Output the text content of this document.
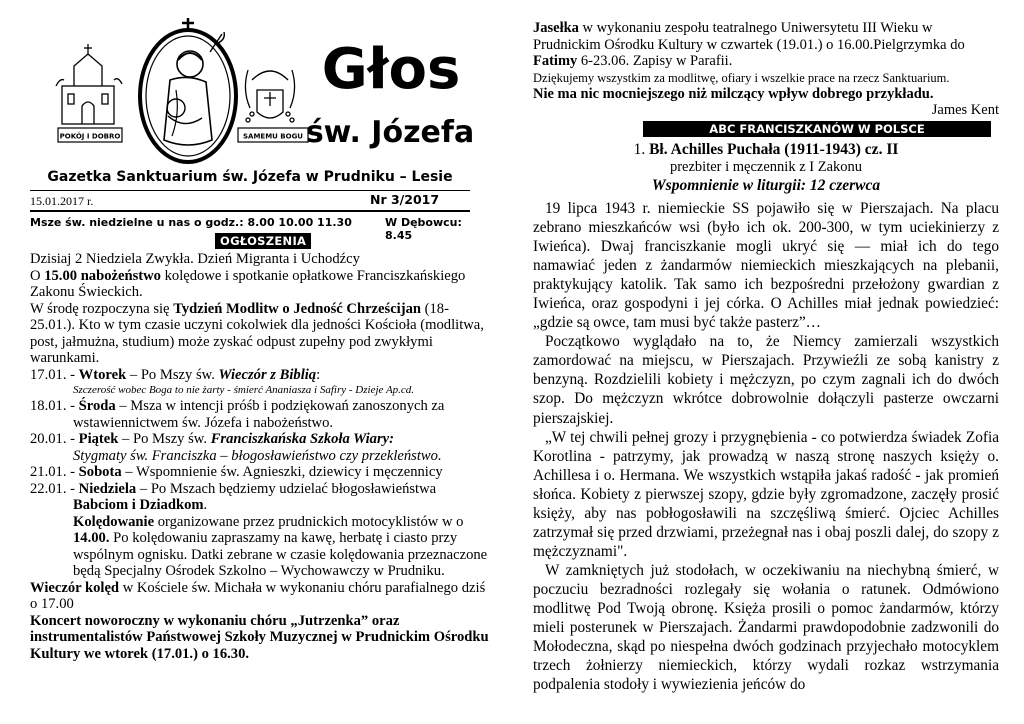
POKÓJ I DOBRO	SAMEMU BOGU
Głos
św. Józefa
Gazetka Sanktuarium św. Józefa w Prudniku – Lesie
15.01.2017 r.	Nr 3/2017
Msze św. niedzielne u nas o godz.: 8.00 10.00 11.30	W Dębowcu: 8.45
OGŁOSZENIA

Dzisiaj 2 Niedziela Zwykła. Dzień Migranta i Uchodźcy

O 15.00 nabożeństwo kolędowe i spotkanie opłatkowe Franciszkańskiego Zakonu Świeckich.

W środę rozpoczyna się Tydzień Modlitw o Jedność Chrześcijan (18-25.01.). Kto w tym czasie uczyni cokolwiek dla jedności Kościoła (modlitwa, post, jałmużna, studium) może zyskać odpust zupełny pod zwykłymi warunkami.

17.01. - Wtorek – Po Mszy św. Wieczór z Biblią:

Szczerość wobec Boga to nie żarty - śmierć Ananiasza i Safiry - Dzieje Ap.cd.

18.01. - Środa – Msza w intencji próśb i podziękowań zanoszonych za wstawiennictwem św. Józefa i nabożeństwo.

20.01. - Piątek – Po Mszy św. Franciszkańska Szkoła Wiary:

Stygmaty św. Franciszka – błogosławieństwo czy przekleństwo.

21.01. - Sobota – Wspomnienie św. Agnieszki, dziewicy i męczennicy

22.01. - Niedziela – Po Mszach będziemy udzielać błogosławieństwa Babciom i Dziadkom.

Kolędowanie organizowane przez prudnickich motocyklistów w o 14.00. Po kolędowaniu zapraszamy na kawę, herbatę i ciasto przy wspólnym ognisku. Datki zebrane w czasie kolędowania przeznaczone będą Specjalny Ośrodek Szkolno – Wychowawczy w Prudniku.

Wieczór kolęd w Kościele św. Michała w wykonaniu chóru parafialnego dziś o 17.00

Koncert noworoczny w wykonaniu chóru „Jutrzenka” oraz instrumentalistów Państwowej Szkoły Muzycznej w Prudnickim Ośrodku Kultury we wtorek (17.01.) o 16.30.

Jasełka w wykonaniu zespołu teatralnego Uniwersytetu III Wieku w Prudnickim Ośrodku Kultury w czwartek (19.01.) o 16.00.Pielgrzymka do Fatimy 6-23.06. Zapisy w Parafii.

Dziękujemy wszystkim za modlitwę, ofiary i wszelkie prace na rzecz Sanktuarium.

Nie ma nic mocniejszego niż milczący wpływ dobrego przykładu.

James Kent

ABC FRANCISZKANÓW W POLSCE

1. Bł. Achilles Puchała (1911-1943) cz. II

prezbiter i męczennik z I Zakonu

Wspomnienie w liturgii: 12 czerwca

19 lipca 1943 r. niemieckie SS pojawiło się w Pierszajach. Na placu zebrano mieszkańców wsi (było ich ok. 200-300, w tym uciekinierzy z Iwieńca). Dwaj franciszkanie mogli ukryć się — miał ich do tego namawiać jeden z żandarmów niemieckich mieszkających na plebanii, praktykujący katolik. Tak samo ich bezpośredni przełożony gwardian z Iwieńca, oraz gospodyni i jej córka. O Achilles miał jednak powiedzieć: „gdzie są owce, tam musi być także pasterz”…

Początkowo wyglądało na to, że Niemcy zamierzali wszystkich zamordować na miejscu, w Pierszajach. Przywieźli ze sobą kanistry z benzyną. Rozdzielili kobiety i mężczyzn, po czym zagnali ich do dwóch szop. Do mężczyzn wkrótce dobrowolnie dołączyli pasterze owczarni pierszajskiej.

„W tej chwili pełnej grozy i przygnębienia - co potwierdza świadek Zofia Korotlina - patrzymy, jak prowadzą w naszą stronę naszych księży o. Achillesa i o. Hermana. We wszystkich wstąpiła jakaś radość - jak promień słońca. Kobiety z pierwszej szopy, gdzie były zgromadzone, zaczęły prosić księży, aby nas pobłogosławili na szczęśliwą śmierć. Ojciec Achilles zatrzymał się przed drzwiami, przeżegnał nas i obaj poszli dalej, do szopy z mężczyznami".

W zamkniętych już stodołach, w oczekiwaniu na niechybną śmierć, w poczuciu bezradności rozlegały się wołania o ratunek. Odmówiono modlitwę Pod Twoją obronę. Księża prosili o pomoc żandarmów, którzy mieli posterunek w Pierszajach. Żandarmi prawdopodobnie zadzwonili do Mołodeczna, skąd po niespełna dwóch godzinach przyjechało motocyklem trzech żołnierzy niemieckich, którzy wydali rozkaz wstrzymania podpalenia stodoły i wywiezienia jeńców do
